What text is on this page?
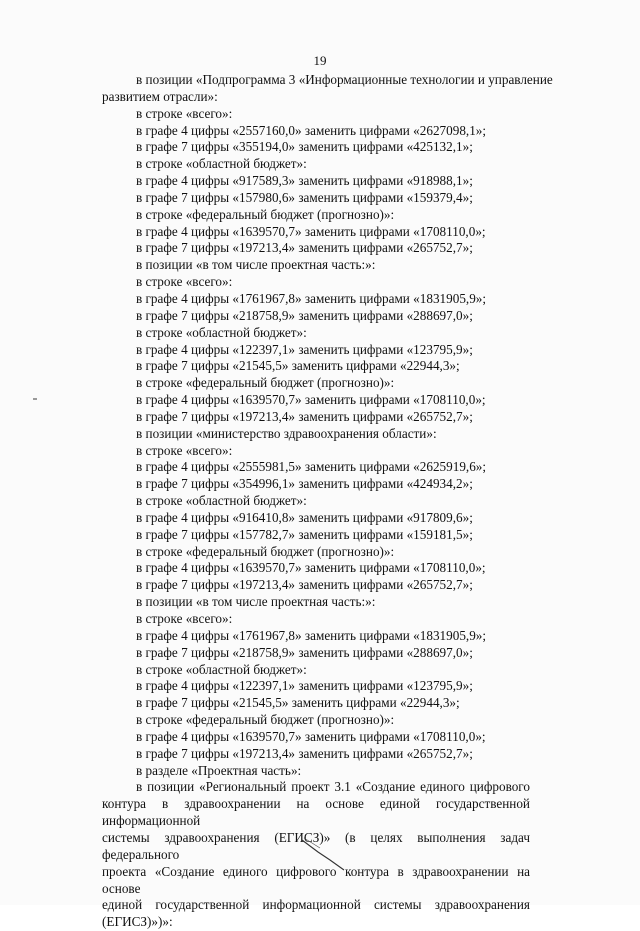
19
в позиции «Подпрограмма 3 «Информационные технологии и управление
развитием отрасли»:
в строке «всего»:
в графе 4 цифры «2557160,0» заменить цифрами «2627098,1»;
в графе 7 цифры «355194,0» заменить цифрами «425132,1»;
в строке «областной бюджет»:
в графе 4 цифры «917589,3» заменить цифрами «918988,1»;
в графе 7 цифры «157980,6» заменить цифрами «159379,4»;
в строке «федеральный бюджет (прогнозно)»:
в графе 4 цифры «1639570,7» заменить цифрами «1708110,0»;
в графе 7 цифры «197213,4» заменить цифрами «265752,7»;
в позиции «в том числе проектная часть:»:
в строке «всего»:
в графе 4 цифры «1761967,8» заменить цифрами «1831905,9»;
в графе 7 цифры «218758,9» заменить цифрами «288697,0»;
в строке «областной бюджет»:
в графе 4 цифры «122397,1» заменить цифрами «123795,9»;
в графе 7 цифры «21545,5» заменить цифрами «22944,3»;
в строке «федеральный бюджет (прогнозно)»:
в графе 4 цифры «1639570,7» заменить цифрами «1708110,0»;
в графе 7 цифры «197213,4» заменить цифрами «265752,7»;
в позиции «министерство здравоохранения области»:
в строке «всего»:
в графе 4 цифры «2555981,5» заменить цифрами «2625919,6»;
в графе 7 цифры «354996,1» заменить цифрами «424934,2»;
в строке «областной бюджет»:
в графе 4 цифры «916410,8» заменить цифрами «917809,6»;
в графе 7 цифры «157782,7» заменить цифрами «159181,5»;
в строке «федеральный бюджет (прогнозно)»:
в графе 4 цифры «1639570,7» заменить цифрами «1708110,0»;
в графе 7 цифры «197213,4» заменить цифрами «265752,7»;
в позиции «в том числе проектная часть:»:
в строке «всего»:
в графе 4 цифры «1761967,8» заменить цифрами «1831905,9»;
в графе 7 цифры «218758,9» заменить цифрами «288697,0»;
в строке «областной бюджет»:
в графе 4 цифры «122397,1» заменить цифрами «123795,9»;
в графе 7 цифры «21545,5» заменить цифрами «22944,3»;
в строке «федеральный бюджет (прогнозно)»:
в графе 4 цифры «1639570,7» заменить цифрами «1708110,0»;
в графе 7 цифры «197213,4» заменить цифрами «265752,7»;
в разделе «Проектная часть»:
в позиции «Региональный проект 3.1 «Создание единого цифрового
контура в здравоохранении на основе единой государственной информационной
системы здравоохранения (ЕГИСЗ)» (в целях выполнения задач федерального
проекта «Создание единого цифрового контура в здравоохранении на основе
единой государственной информационной системы здравоохранения (ЕГИСЗ)»)»:
